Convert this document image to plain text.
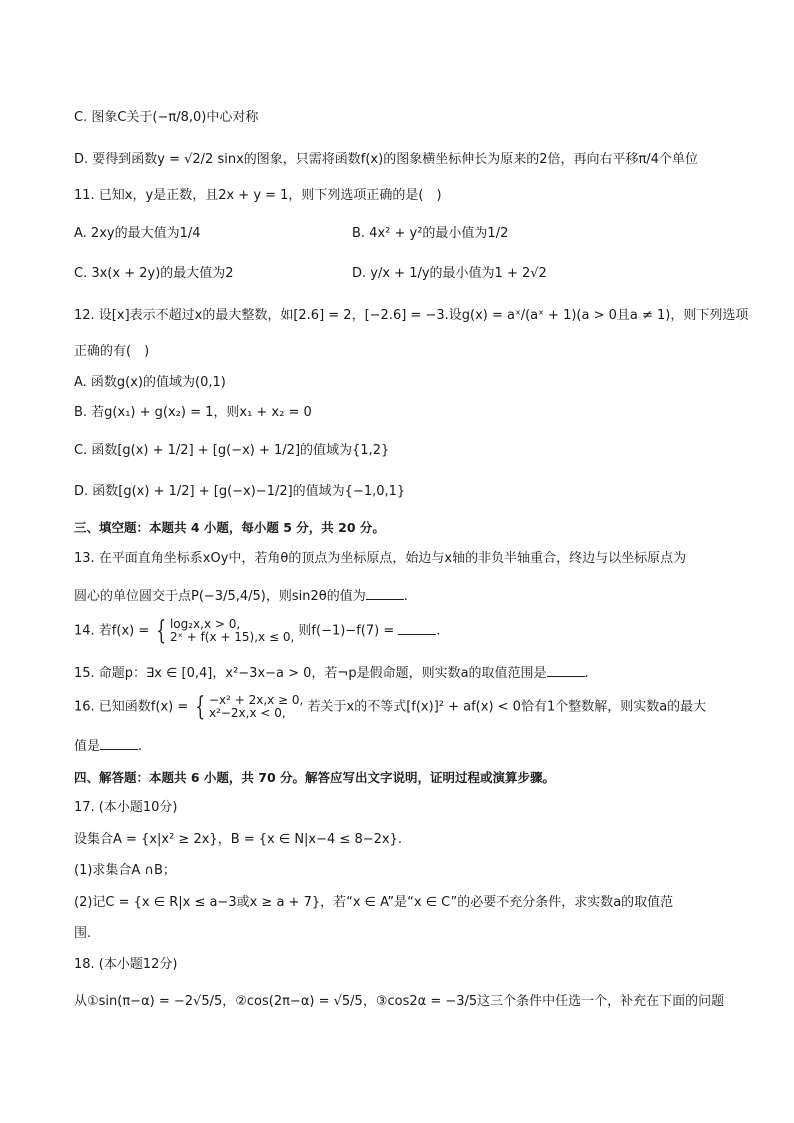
C. 图象C关于(−π/8,0)中心对称
D. 要得到函数y = √2/2 sinx的图象，只需将函数f(x)的图象横坐标伸长为原来的2倍，再向右平移π/4个单位
11. 已知x，y是正数，且2x + y = 1，则下列选项正确的是(　)
A. 2xy的最大值为1/4	B. 4x² + y²的最小值为1/2
C. 3x(x + 2y)的最大值为2	D. y/x + 1/y的最小值为1 + 2√2
12. 设[x]表示不超过x的最大整数，如[2.6] = 2，[−2.6] = −3.设g(x) = aˣ/(aˣ + 1)(a > 0且a ≠ 1)，则下列选项
正确的有(　)
A. 函数g(x)的值域为(0,1)
B. 若g(x₁) + g(x₂) = 1，则x₁ + x₂ = 0
C. 函数[g(x) + 1/2] + [g(−x) + 1/2]的值域为{1,2}
D. 函数[g(x) + 1/2] + [g(−x)−1/2]的值域为{−1,0,1}
三、填空题：本题共 4 小题，每小题 5 分，共 20 分。
13. 在平面直角坐标系xOy中，若角θ的顶点为坐标原点，始边与x轴的非负半轴重合，终边与以坐标原点为
圆心的单位圆交于点P(−3/5,4/5)，则sin2θ的值为	.
14. 若f(x) = { log₂x,x > 0,
2ˣ + f(x + 15),x ≤ 0, 则f(−1)−f(7) =	.
15. 命题p：∃x ∈ [0,4]，x²−3x−a > 0，若¬p是假命题，则实数a的取值范围是	.
16. 已知函数f(x) = { −x² + 2x,x ≥ 0,
x²−2x,x < 0,	若关于x的不等式[f(x)]² + af(x) < 0恰有1个整数解，则实数a的最大
值是	.
四、解答题：本题共 6 小题，共 70 分。解答应写出文字说明，证明过程或演算步骤。
17. (本小题10分)
设集合A = {x|x² ≥ 2x}，B = {x ∈ N|x−4 ≤ 8−2x}.
(1)求集合A ∩B；
(2)记C = {x ∈ R|x ≤ a−3或x ≥ a + 7}，若“x ∈ A”是“x ∈ C”的必要不充分条件，求实数a的取值范
围.
18. (本小题12分)
从①sin(π−α) = −2√5/5，②cos(2π−α) = √5/5，③cos2α = −3/5这三个条件中任选一个，补充在下面的问题
